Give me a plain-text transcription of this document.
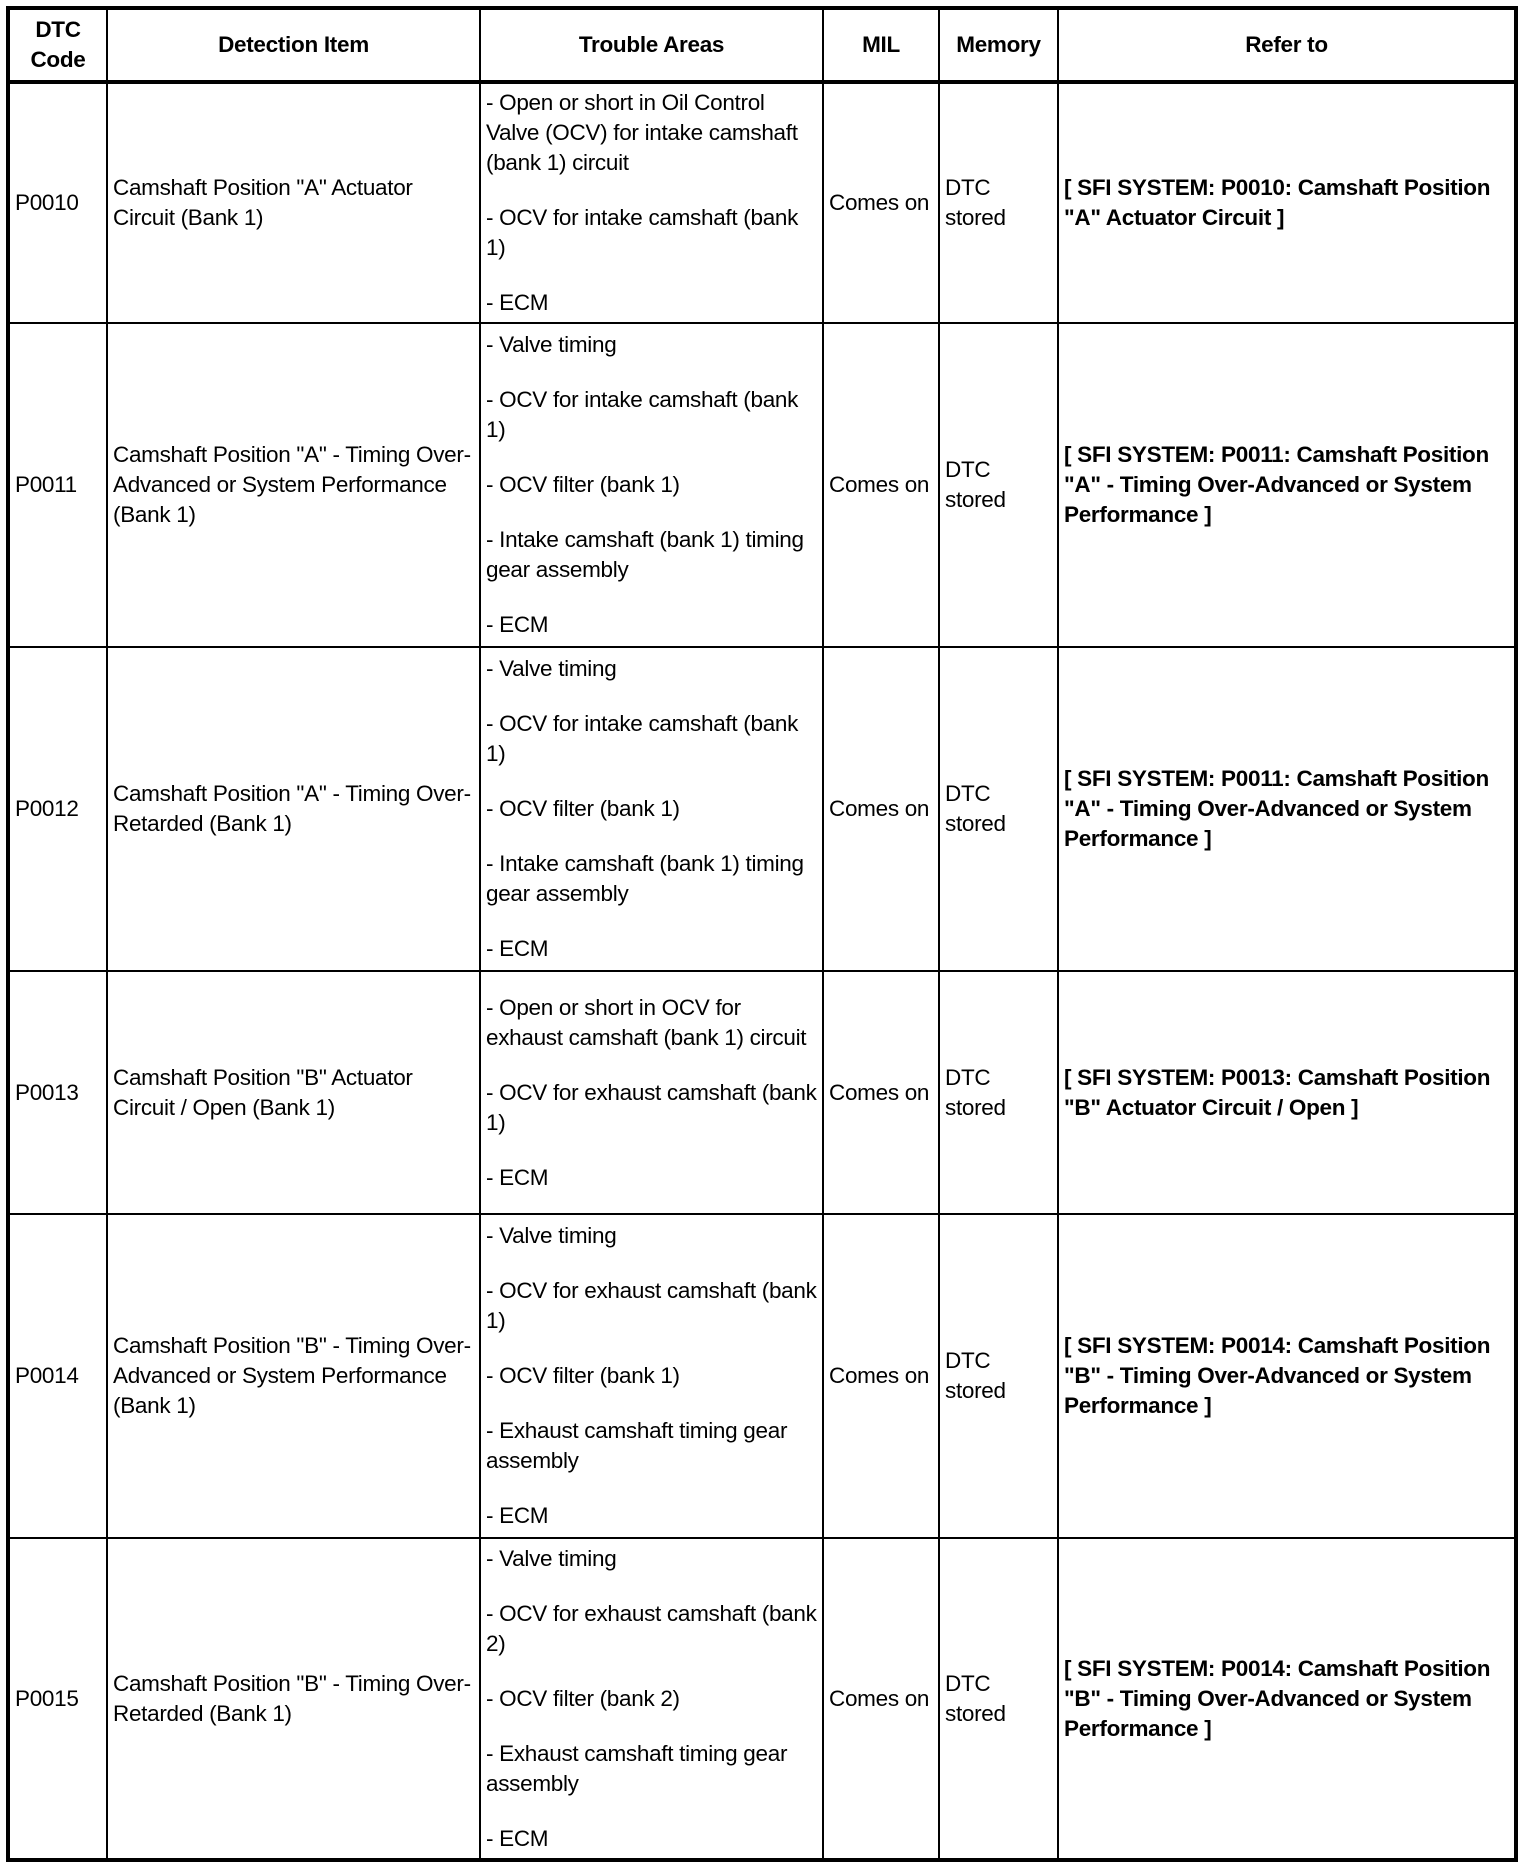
DTC Code	Detection Item	Trouble Areas	MIL	Memory	Refer to
P0010	Camshaft Position "A" Actuator Circuit (Bank 1)	- Open or short in Oil Control Valve (OCV) for intake camshaft (bank 1) circuit

- OCV for intake camshaft (bank 1)

- ECM	Comes on	DTC stored	[ SFI SYSTEM: P0010: Camshaft Position "A" Actuator Circuit ]
P0011	Camshaft Position "A" - Timing Over-Advanced or System Performance (Bank 1)	- Valve timing

- OCV for intake camshaft (bank 1)

- OCV filter (bank 1)

- Intake camshaft (bank 1) timing gear assembly

- ECM	Comes on	DTC stored	[ SFI SYSTEM: P0011: Camshaft Position "A" - Timing Over-Advanced or System Performance ]
P0012	Camshaft Position "A" - Timing Over-Retarded (Bank 1)	- Valve timing

- OCV for intake camshaft (bank 1)

- OCV filter (bank 1)

- Intake camshaft (bank 1) timing gear assembly

- ECM	Comes on	DTC stored	[ SFI SYSTEM: P0011: Camshaft Position "A" - Timing Over-Advanced or System Performance ]
P0013	Camshaft Position "B" Actuator Circuit / Open (Bank 1)	- Open or short in OCV for exhaust camshaft (bank 1) circuit

- OCV for exhaust camshaft (bank 1)

- ECM	Comes on	DTC stored	[ SFI SYSTEM: P0013: Camshaft Position "B" Actuator Circuit / Open ]
P0014	Camshaft Position "B" - Timing Over-Advanced or System Performance (Bank 1)	- Valve timing

- OCV for exhaust camshaft (bank 1)

- OCV filter (bank 1)

- Exhaust camshaft timing gear assembly

- ECM	Comes on	DTC stored	[ SFI SYSTEM: P0014: Camshaft Position "B" - Timing Over-Advanced or System Performance ]
P0015	Camshaft Position "B" - Timing Over-Retarded (Bank 1)	- Valve timing

- OCV for exhaust camshaft (bank 2)

- OCV filter (bank 2)

- Exhaust camshaft timing gear assembly

- ECM	Comes on	DTC stored	[ SFI SYSTEM: P0014: Camshaft Position "B" - Timing Over-Advanced or System Performance ]
